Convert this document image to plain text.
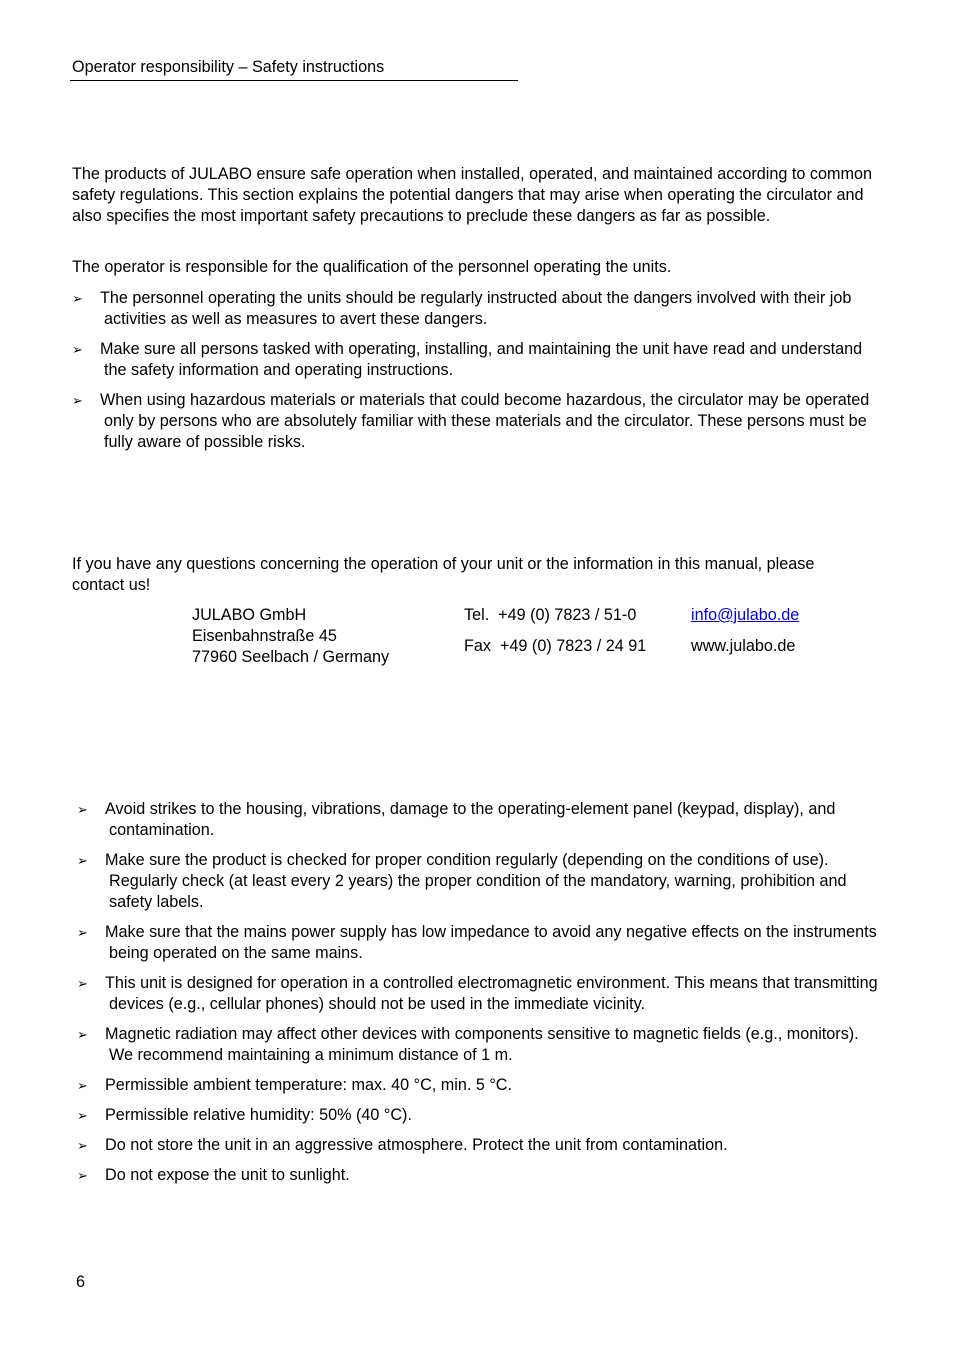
Operator responsibility – Safety instructions

The products of JULABO ensure safe operation when installed, operated, and maintained according to common safety regulations. This section explains the potential dangers that may arise when operating the circulator and also specifies the most important safety precautions to preclude these dangers as far as possible.

The operator is responsible for the qualification of the personnel operating the units.

➢ The personnel operating the units should be regularly instructed about the dangers involved with their job activities as well as measures to avert these dangers.
➢ Make sure all persons tasked with operating, installing, and maintaining the unit have read and understand the safety information and operating instructions.
➢ When using hazardous materials or materials that could become hazardous, the circulator may be operated only by persons who are absolutely familiar with these materials and the circulator. These persons must be fully aware of possible risks.

If you have any questions concerning the operation of your unit or the information in this manual, please contact us!

JULABO GmbH
Eisenbahnstraße 45
77960 Seelbach / Germany
Tel.  +49 (0) 7823 / 51-0
Fax  +49 (0) 7823 / 24 91
info@julabo.de
www.julabo.de
➢ Avoid strikes to the housing, vibrations, damage to the operating-element panel (keypad, display), and contamination.
➢ Make sure the product is checked for proper condition regularly (depending on the conditions of use). Regularly check (at least every 2 years) the proper condition of the mandatory, warning, prohibition and safety labels.
➢ Make sure that the mains power supply has low impedance to avoid any negative effects on the instruments being operated on the same mains.
➢ This unit is designed for operation in a controlled electromagnetic environment. This means that transmitting devices (e.g., cellular phones) should not be used in the immediate vicinity.
➢ Magnetic radiation may affect other devices with components sensitive to magnetic fields (e.g., monitors). We recommend maintaining a minimum distance of 1 m.
➢ Permissible ambient temperature: max. 40 °C, min. 5 °C.
➢ Permissible relative humidity: 50% (40 °C).
➢ Do not store the unit in an aggressive atmosphere. Protect the unit from contamination.
➢ Do not expose the unit to sunlight.
6
